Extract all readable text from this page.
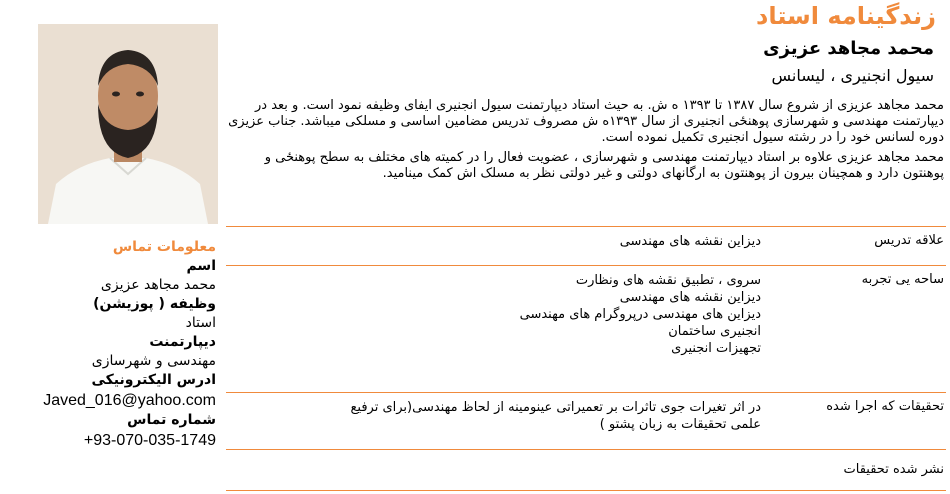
زندگینامه استاد
محمد مجاهد عزیزی
سیول انجنیری ، لیسانس

محمد مجاهد عزیزی از شروع سال ۱۳۸۷ تا ۱۳۹۳ ه ش. به حیث استاد دیپارتمنت سیول انجنیری ایفای وظیفه نمود است. و بعد در دیپارتمنت مهندسی و شهرسازی پوهنځی انجنیری از سال ۱۳۹۳ه ش مصروف تدریس مضامین اساسی و مسلکی میباشد. جناب عزیزی دوره لسانس خود را در رشته سیول انجنیری تکمیل نموده است.

محمد مجاهد عزیزی علاوه بر استاد دیپارتمنت مهندسی و شهرسازی ، عضویت فعال را در کمیته های مختلف به سطح پوهنځی و پوهنتون دارد و همچینان بیرون از پوهنتون به ارگانهای دولتی و غیر دولتی نظر به مسلک اش کمک مینامید.

معلومات تماس
اسم
محمد مجاهد عزیزی
وظیفه ( پوزیشن)
استاد
دیپارتمنت
مهندسی و شهرسازی
ادرس الیکترونیکی
Javed_016@yahoo.com
شماره تماس
+93-070-035-1749
علاقه تدریس
دیزاین نقشه های مهندسی
ساحه یی تجربه
سروی ، تطبیق نقشه های ونظارت
دیزاین نقشه های مهندسی
دیزاین های مهندسی درپروگرام های مهندسی
انجنیری ساختمان
تجهیزات انجنیری
تحقیقات که اجرا شده
در اثر تغیرات جوی تاثرات بر تعمیراتی عینومینه از لحاظ مهندسی(برای ترفیع
علمی تحقیقات به زبان پشتو )
نشر شده تحقیقات
